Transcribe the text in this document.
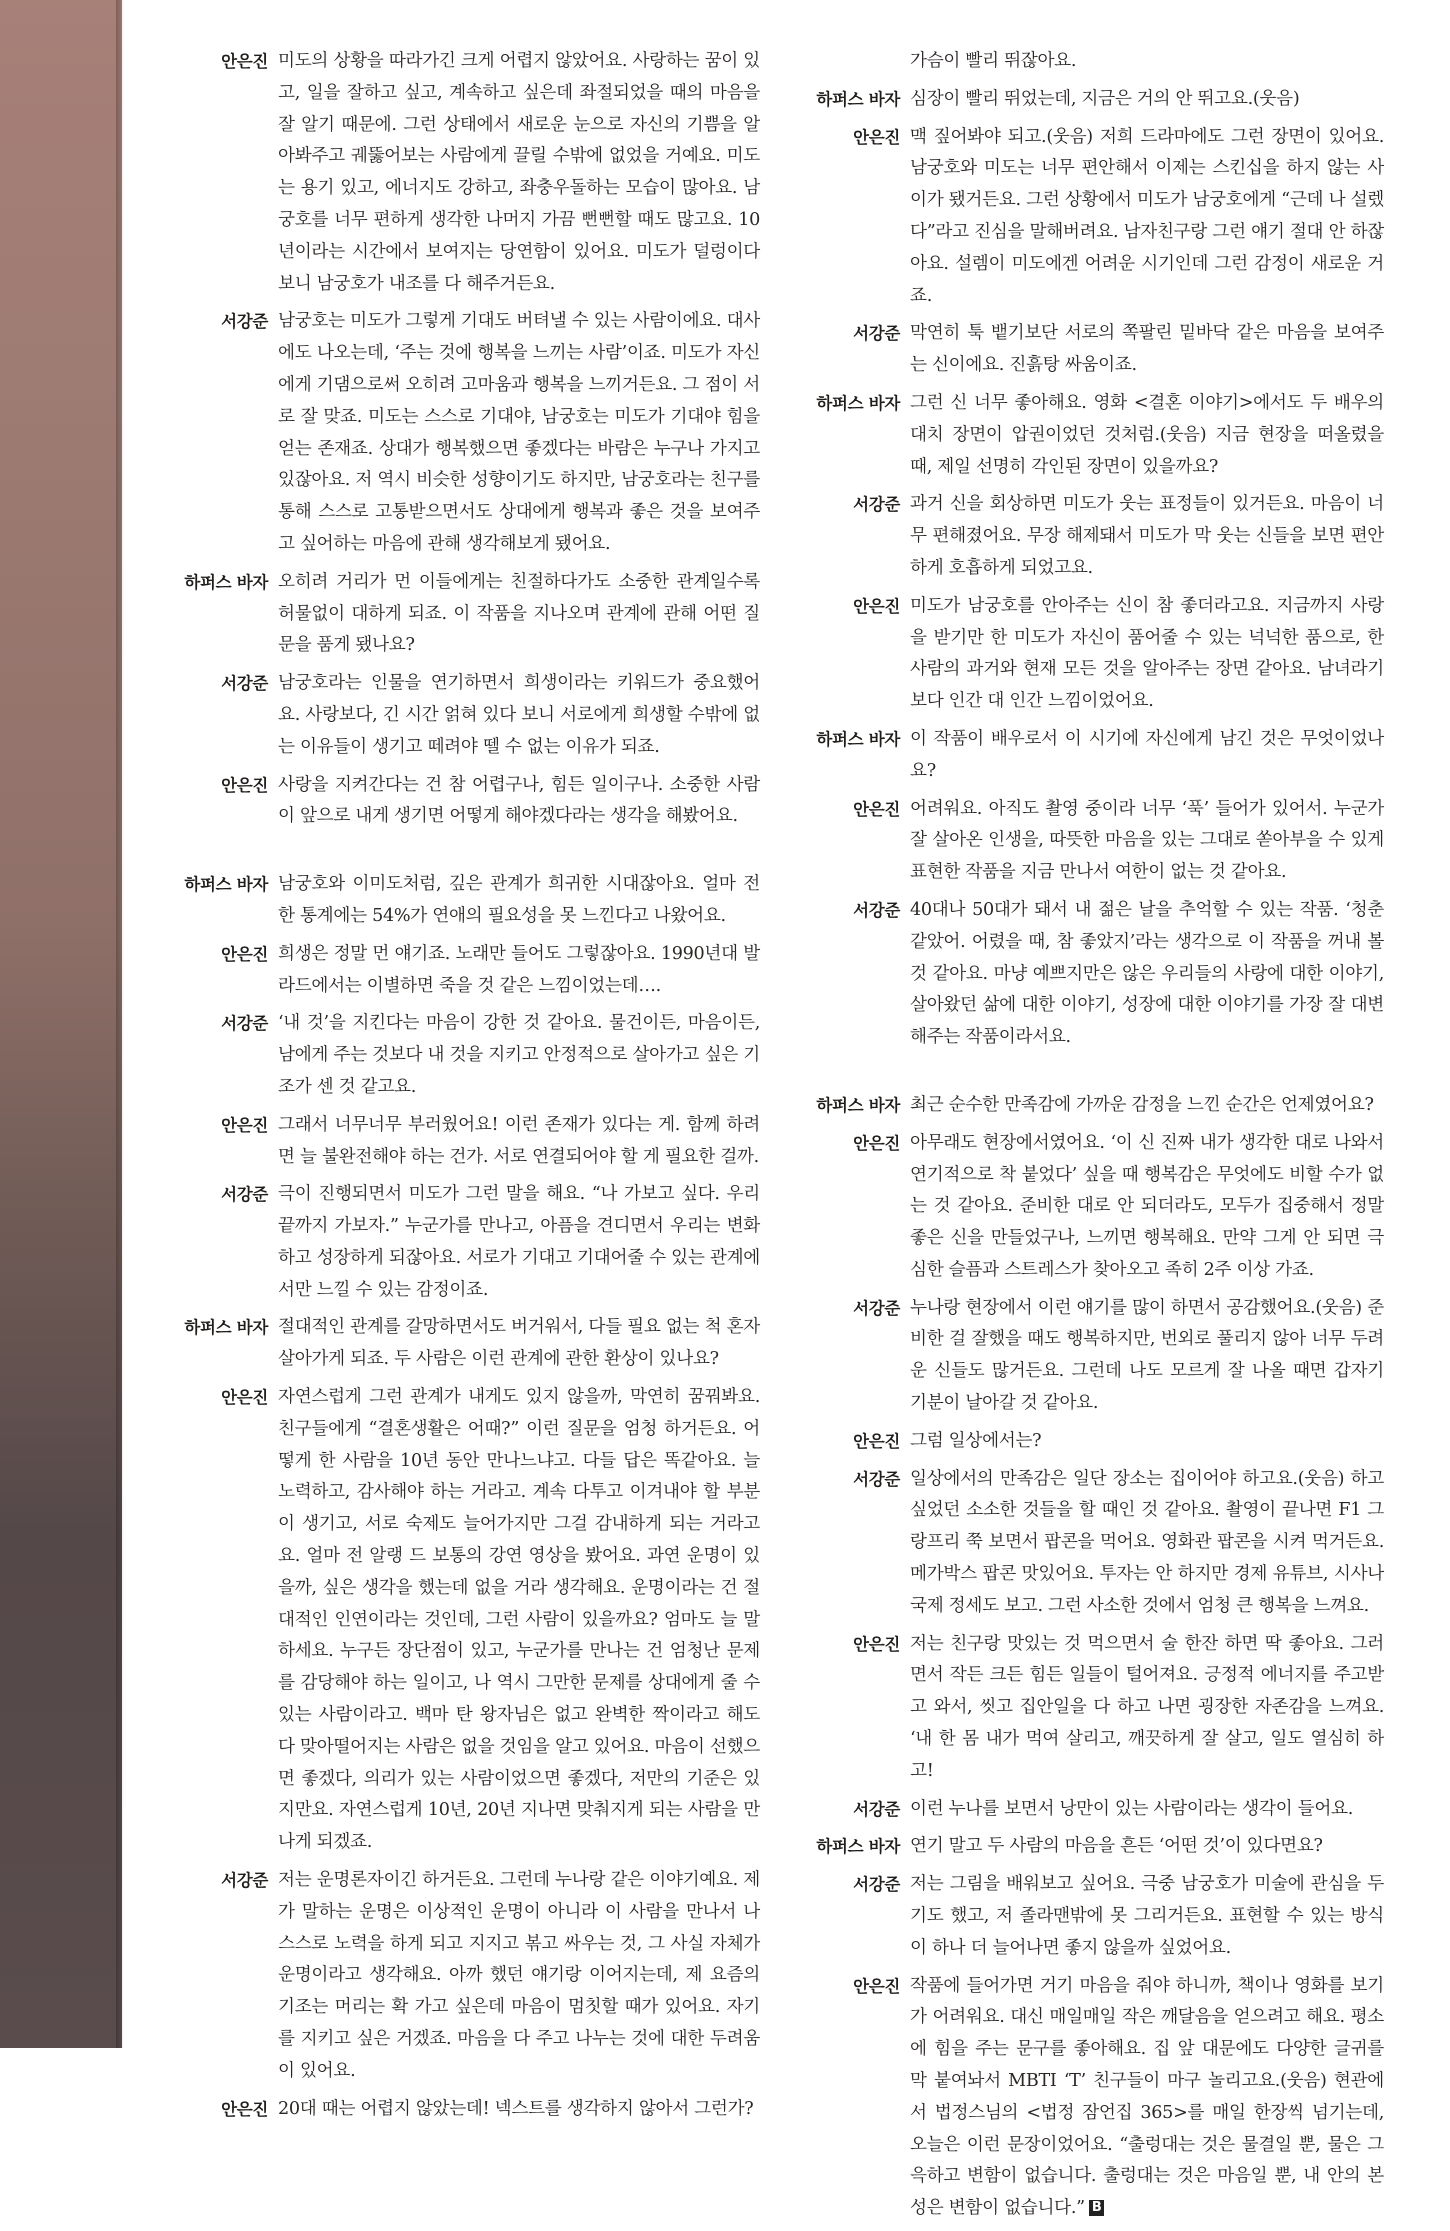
안은진 미도의 상황을 따라가긴 크게 어렵지 않았어요. 사랑하는 꿈이 있고, 일을 잘하고 싶고, 계속하고 싶은데 좌절되었을 때의 마음을 잘 알기 때문에. 그런 상태에서 새로운 눈으로 자신의 기쁨을 알아봐주고 궤뚫어보는 사람에게 끌릴 수밖에 없었을 거예요. 미도는 용기 있고, 에너지도 강하고, 좌충우돌하는 모습이 많아요. 남궁호를 너무 편하게 생각한 나머지 가끔 뻔뻔할 때도 많고요. 10년이라는 시간에서 보여지는 당연함이 있어요. 미도가 덜렁이다 보니 남궁호가 내조를 다 해주거든요.
서강준 남궁호는 미도가 그렇게 기대도 버텨낼 수 있는 사람이에요. 대사에도 나오는데, ‘주는 것에 행복을 느끼는 사람’이죠. 미도가 자신에게 기댐으로써 오히려 고마움과 행복을 느끼거든요. 그 점이 서로 잘 맞죠. 미도는 스스로 기대야, 남궁호는 미도가 기대야 힘을 얻는 존재죠. 상대가 행복했으면 좋겠다는 바람은 누구나 가지고 있잖아요. 저 역시 비슷한 성향이기도 하지만, 남궁호라는 친구를 통해 스스로 고통받으면서도 상대에게 행복과 좋은 것을 보여주고 싶어하는 마음에 관해 생각해보게 됐어요.
하퍼스 바자 오히려 거리가 먼 이들에게는 친절하다가도 소중한 관계일수록 허물없이 대하게 되죠. 이 작품을 지나오며 관계에 관해 어떤 질문을 품게 됐나요?
서강준 남궁호라는 인물을 연기하면서 희생이라는 키워드가 중요했어요. 사랑보다, 긴 시간 얽혀 있다 보니 서로에게 희생할 수밖에 없는 이유들이 생기고 떼려야 뗄 수 없는 이유가 되죠.
안은진 사랑을 지켜간다는 건 참 어렵구나, 힘든 일이구나. 소중한 사람이 앞으로 내게 생기면 어떻게 해야겠다라는 생각을 해봤어요.
하퍼스 바자 남궁호와 이미도처럼, 깊은 관계가 희귀한 시대잖아요. 얼마 전 한 통계에는 54%가 연애의 필요성을 못 느낀다고 나왔어요.
안은진 희생은 정말 먼 얘기죠. 노래만 들어도 그렇잖아요. 1990년대 발라드에서는 이별하면 죽을 것 같은 느낌이었는데….
서강준 ‘내 것’을 지킨다는 마음이 강한 것 같아요. 물건이든, 마음이든, 남에게 주는 것보다 내 것을 지키고 안정적으로 살아가고 싶은 기조가 센 것 같고요.
안은진 그래서 너무너무 부러웠어요! 이런 존재가 있다는 게. 함께 하려면 늘 불완전해야 하는 건가. 서로 연결되어야 할 게 필요한 걸까.
서강준 극이 진행되면서 미도가 그런 말을 해요. “나 가보고 싶다. 우리 끝까지 가보자.” 누군가를 만나고, 아픔을 견디면서 우리는 변화하고 성장하게 되잖아요. 서로가 기대고 기대어줄 수 있는 관계에서만 느낄 수 있는 감정이죠.
하퍼스 바자 절대적인 관계를 갈망하면서도 버거워서, 다들 필요 없는 척 혼자 살아가게 되죠. 두 사람은 이런 관계에 관한 환상이 있나요?
안은진 자연스럽게 그런 관계가 내게도 있지 않을까, 막연히 꿈꿔봐요. 친구들에게 “결혼생활은 어때?” 이런 질문을 엄청 하거든요. 어떻게 한 사람을 10년 동안 만나느냐고. 다들 답은 똑같아요. 늘 노력하고, 감사해야 하는 거라고. 계속 다투고 이겨내야 할 부분이 생기고, 서로 숙제도 늘어가지만 그걸 감내하게 되는 거라고요. 얼마 전 알랭 드 보통의 강연 영상을 봤어요. 과연 운명이 있을까, 싶은 생각을 했는데 없을 거라 생각해요. 운명이라는 건 절대적인 인연이라는 것인데, 그런 사람이 있을까요? 엄마도 늘 말하세요. 누구든 장단점이 있고, 누군가를 만나는 건 엄청난 문제를 감당해야 하는 일이고, 나 역시 그만한 문제를 상대에게 줄 수 있는 사람이라고. 백마 탄 왕자님은 없고 완벽한 짝이라고 해도 다 맞아떨어지는 사람은 없을 것임을 알고 있어요. 마음이 선했으면 좋겠다, 의리가 있는 사람이었으면 좋겠다, 저만의 기준은 있지만요. 자연스럽게 10년, 20년 지나면 맞춰지게 되는 사람을 만나게 되겠죠.
서강준 저는 운명론자이긴 하거든요. 그런데 누나랑 같은 이야기예요. 제가 말하는 운명은 이상적인 운명이 아니라 이 사람을 만나서 나 스스로 노력을 하게 되고 지지고 볶고 싸우는 것, 그 사실 자체가 운명이라고 생각해요. 아까 했던 얘기랑 이어지는데, 제 요즘의 기조는 머리는 확 가고 싶은데 마음이 멈칫할 때가 있어요. 자기를 지키고 싶은 거겠죠. 마음을 다 주고 나누는 것에 대한 두려움이 있어요.
안은진 20대 때는 어렵지 않았는데! 넥스트를 생각하지 않아서 그런가?
가슴이 빨리 뛰잖아요.
하퍼스 바자 심장이 빨리 뛰었는데, 지금은 거의 안 뛰고요.(웃음)
안은진 맥 짚어봐야 되고.(웃음) 저희 드라마에도 그런 장면이 있어요. 남궁호와 미도는 너무 편안해서 이제는 스킨십을 하지 않는 사이가 됐거든요. 그런 상황에서 미도가 남궁호에게 “근데 나 설렜다”라고 진심을 말해버려요. 남자친구랑 그런 얘기 절대 안 하잖아요. 설렘이 미도에겐 어려운 시기인데 그런 감정이 새로운 거죠.
서강준 막연히 툭 뱉기보단 서로의 쪽팔린 밑바닥 같은 마음을 보여주는 신이에요. 진흙탕 싸움이죠.
하퍼스 바자 그런 신 너무 좋아해요. 영화 <결혼 이야기>에서도 두 배우의 대치 장면이 압권이었던 것처럼.(웃음) 지금 현장을 떠올렸을 때, 제일 선명히 각인된 장면이 있을까요?
서강준 과거 신을 회상하면 미도가 웃는 표정들이 있거든요. 마음이 너무 편해졌어요. 무장 해제돼서 미도가 막 웃는 신들을 보면 편안하게 호흡하게 되었고요.
안은진 미도가 남궁호를 안아주는 신이 참 좋더라고요. 지금까지 사랑을 받기만 한 미도가 자신이 품어줄 수 있는 넉넉한 품으로, 한 사람의 과거와 현재 모든 것을 알아주는 장면 같아요. 남녀라기보다 인간 대 인간 느낌이었어요.
하퍼스 바자 이 작품이 배우로서 이 시기에 자신에게 남긴 것은 무엇이었나요?
안은진 어려워요. 아직도 촬영 중이라 너무 ‘푹’ 들어가 있어서. 누군가 잘 살아온 인생을, 따뜻한 마음을 있는 그대로 쏟아부을 수 있게 표현한 작품을 지금 만나서 여한이 없는 것 같아요.
서강준 40대나 50대가 돼서 내 젊은 날을 추억할 수 있는 작품. ‘청춘 같았어. 어렸을 때, 참 좋았지’라는 생각으로 이 작품을 꺼내 볼 것 같아요. 마냥 예쁘지만은 않은 우리들의 사랑에 대한 이야기, 살아왔던 삶에 대한 이야기, 성장에 대한 이야기를 가장 잘 대변해주는 작품이라서요.
하퍼스 바자 최근 순수한 만족감에 가까운 감정을 느낀 순간은 언제였어요?
안은진 아무래도 현장에서였어요. ‘이 신 진짜 내가 생각한 대로 나와서 연기적으로 착 붙었다’ 싶을 때 행복감은 무엇에도 비할 수가 없는 것 같아요. 준비한 대로 안 되더라도, 모두가 집중해서 정말 좋은 신을 만들었구나, 느끼면 행복해요. 만약 그게 안 되면 극심한 슬픔과 스트레스가 찾아오고 족히 2주 이상 가죠.
서강준 누나랑 현장에서 이런 얘기를 많이 하면서 공감했어요.(웃음) 준비한 걸 잘했을 때도 행복하지만, 번외로 풀리지 않아 너무 두려운 신들도 많거든요. 그런데 나도 모르게 잘 나올 때면 갑자기 기분이 날아갈 것 같아요.
안은진 그럼 일상에서는?
서강준 일상에서의 만족감은 일단 장소는 집이어야 하고요.(웃음) 하고 싶었던 소소한 것들을 할 때인 것 같아요. 촬영이 끝나면 F1 그랑프리 쭉 보면서 팝콘을 먹어요. 영화관 팝콘을 시켜 먹거든요. 메가박스 팝콘 맛있어요. 투자는 안 하지만 경제 유튜브, 시사나 국제 정세도 보고. 그런 사소한 것에서 엄청 큰 행복을 느껴요.
안은진 저는 친구랑 맛있는 것 먹으면서 술 한잔 하면 딱 좋아요. 그러면서 작든 크든 힘든 일들이 털어져요. 긍정적 에너지를 주고받고 와서, 씻고 집안일을 다 하고 나면 굉장한 자존감을 느껴요. ‘내 한 몸 내가 먹여 살리고, 깨끗하게 잘 살고, 일도 열심히 하고!
서강준 이런 누나를 보면서 낭만이 있는 사람이라는 생각이 들어요.
하퍼스 바자 연기 말고 두 사람의 마음을 흔든 ‘어떤 것’이 있다면요?
서강준 저는 그림을 배워보고 싶어요. 극중 남궁호가 미술에 관심을 두기도 했고, 저 졸라맨밖에 못 그리거든요. 표현할 수 있는 방식이 하나 더 늘어나면 좋지 않을까 싶었어요.
안은진 작품에 들어가면 거기 마음을 줘야 하니까, 책이나 영화를 보기가 어려워요. 대신 매일매일 작은 깨달음을 얻으려고 해요. 평소에 힘을 주는 문구를 좋아해요. 집 앞 대문에도 다양한 글귀를 막 붙여놔서 MBTI ‘T’ 친구들이 마구 놀리고요.(웃음) 현관에서 법정스님의 <법정 잠언집 365>를 매일 한장씩 넘기는데, 오늘은 이런 문장이었어요. “출렁대는 것은 물결일 뿐, 물은 그윽하고 변함이 없습니다. 출렁대는 것은 마음일 뿐, 내 안의 본성은 변함이 없습니다.” B
